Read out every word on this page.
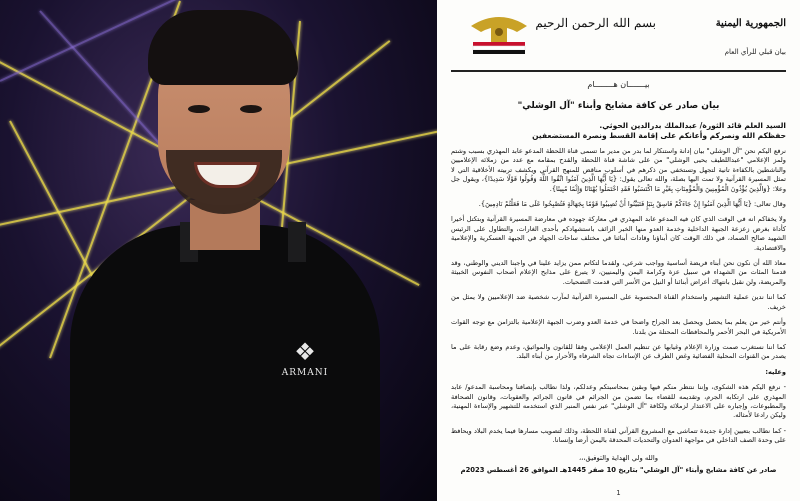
❖
ARMANI
الجمهورية اليمنية
بسم الله الرحمن الرحيم
بيان قبلي للرأي العام
بيـــــــان هــــــــام
بيان صادر عن كافة مشايخ وأبناء "آل الوشلي"
السيد العلم قائد الثورة/ عبدالملك بدرالدين الحوثي.
حفظكم الله ونصركم وأعانكم على إقامة القسط ونصرة المستضعفين
نرفع اليكم نحن "آل الوشلي" بيان إدانة واستنكار لما بدر من مدير ما تسمى قناة اللحظة المدعو عابد المهذري بسبب وشتم ولمز الإعلامي "عبداللطيف يحيى الوشلي" من على شاشة قناة اللحظة والقدح بمقامه مع عدد من زملائه الإعلاميين والناشطين بالكفاءة تانية لتجهل وتستخفي من ذكرهم في أسلوب مناقض للمنهج القرآني ويكشف تربيته الأخلاقية التي لا تمثل المسيرة القرآنية ولا تمت اليها بصلة، والله تعالى يقول: {يَا أَيُّهَا الَّذِينَ آمَنُوا اتَّقُوا اللَّهَ وَقُولُوا قَوْلًا سَدِيدًا}، ويقول جل وعلا: {وَالَّذِينَ يُؤْذُونَ الْمُؤْمِنِينَ وَالْمُؤْمِنَاتِ بِغَيْرِ مَا اكْتَسَبُوا فَقَدِ احْتَمَلُوا بُهْتَانًا وَإِثْمًا مُبِينًا}.
وقال تعالى: {يَا أَيُّهَا الَّذِينَ آمَنُوا إِنْ جَاءَكُمْ فَاسِقٌ بِنَبَإٍ فَتَبَيَّنُوا أَنْ تُصِيبُوا قَوْمًا بِجَهَالَةٍ فَتُصْبِحُوا عَلَى مَا فَعَلْتُمْ نَادِمِينَ}.
ولا يخفاكم انه في الوقت الذي كان فيه المدعو عابد المهذري في معاركة جهوده في معارضة المسيرة القرآنية وبتكتل أخيرا كأداة بغرض زعزعة الجبهة الداخلية وخدمة العدو منها الخبر الزائف باستشهادكم بأحدى الغارات، والتطاول على الرئيس الشهيد صالح الصماد، في ذلك الوقت كان أبناؤنا وقادات أبنائنا في مختلف ساحات الجهاد في الجبهة العسكرية والإعلامية والاقتصادية.
معاذ الله أن نكون نحن أبناء فريضة أساسية وواجب شرعي، ولقدما لتكاتم ممن يزايد علينا في واجبنا الديني والوطني، وقد قدمنا المئات من الشهداء في سبيل عزة وكرامة اليمن واليمنيين، لا يتبرع على مذابح الإعلام أصحاب النفوس الخبيثة والمريضة، ولن نقبل بانتهاك أعراض أبنائنا أو النيل من الأسر التي قدمت التضحيات.
كما اننا ندين عملية التشهير واستخدام القناة المحسوبة على المسيرة القرآنية لمآرب شخصية ضد الإعلاميين ولا يمثل من خريف.
وأنتم خير من يعلم بما يحصل ويحصل بعد الجراح واضحا في خدمة العدو وضرب الجبهة الإعلامية بالتزامن مع توجه القوات الأمريكية في البحر الأحمر والمحافظات المحتلة من بلدنا.
كما اننا نستغرب صمت وزارة الإعلام وغيابها عن تنظيم العمل الإعلامي وفقا للقانون والمواثيق، وعدم وضع رقابة على ما يصدر من القنوات المحلية الفضائية وغض الطرف عن الإساءات تجاه الشرفاء والأحرار من أبناء البلد.
وعليه:
- نرفع اليكم هذه الشكوى، وإننا ننتظر منكم فيها وبقين بمحاسبتكم وعدلكم، ولذا نطالب بإنصافنا ومحاسبة المدعو/ عابد المهذري على ارتكابه الجرم، وتقديمه للقضاء بما تضمن من الجرائم في قانون الجرائم والعقوبات، وقانون الصحافة والمطبوعات، وإجباره على الاعتذار لزملائه ولكافة "آل الوشلي" عبر نفس المنبر الذي استخدمه للتشهير والإساءة المهنية، وليكن رادعا لأمثاله.
- كما نطالب بتعيين إدارة جديدة تتماشى مع المشروع القرآني لقناة اللحظة، وذلك لتصويب مسارها فيما يخدم البلاد ويحافظ على وحدة الصف الداخلي في مواجهة العدوان والتحديات المحدقة باليمن أرضا وإنسانا.
والله ولي الهداية والتوفيق،،،
صادر عن كافة مشايخ وأبناء "آل الوشلي" بتاريخ 10 صفر 1445هـ الموافق 26 أغسطس 2023م
1
